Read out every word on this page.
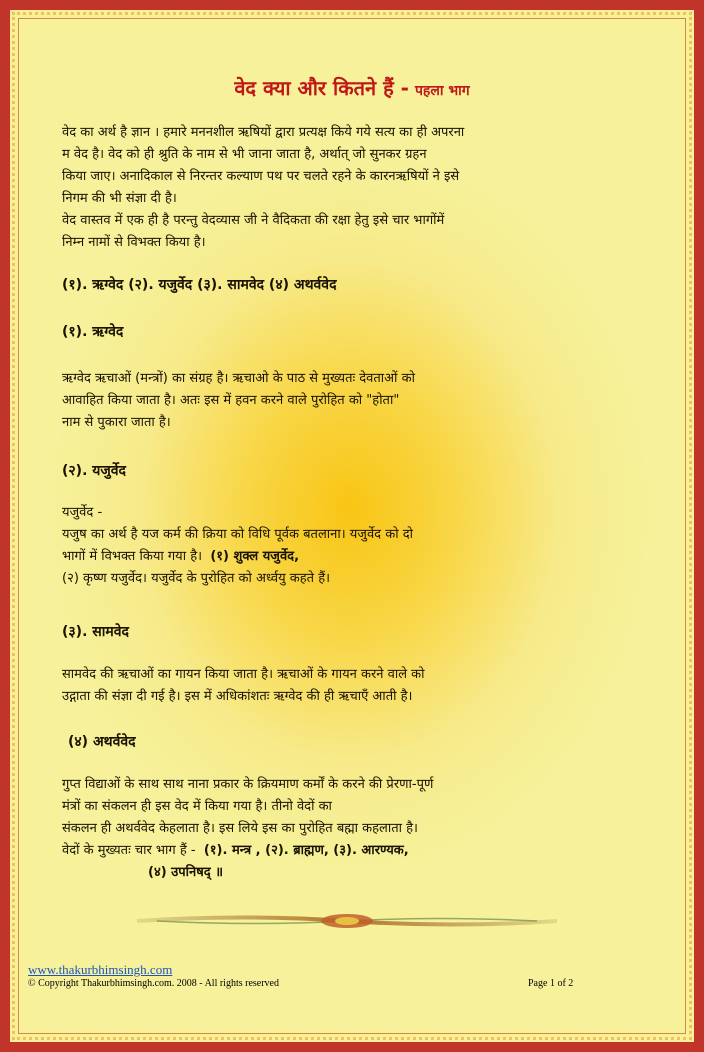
वेद क्या और कितने हैं - पहला भाग
वेद का अर्थ है ज्ञान । हमारे मननशील ऋषियों द्वारा प्रत्यक्ष किये गये सत्य का ही अपरना
म वेद है। वेद को ही श्रुति के नाम से भी जाना जाता है, अर्थात् जो सुनकर ग्रहन
किया जाए। अनादिकाल से निरन्तर कल्याण पथ पर चलते रहने के कारनऋषियों ने इसे
निगम की भी संज्ञा दी है।
वेद वास्तव में एक ही है परन्तु वेदव्यास जी ने वैदिकता की रक्षा हेतु इसे चार भागोंमें
निम्न नामों से विभक्त किया है।
(१). ऋग्वेद (२). यजुर्वेद (३). सामवेद (४) अथर्ववेद
(१). ऋग्वेद
ऋग्वेद ऋचाओं (मन्त्रों) का संग्रह है। ऋचाओ के पाठ से मुख्यतः देवताओं को
आवाहित किया जाता है। अतः इस में हवन करने वाले पुरोहित को "होता"
नाम से पुकारा जाता है।
(२). यजुर्वेद
यजुर्वेद -
यजुष का अर्थ है यज कर्म की क्रिया को विधि पूर्वक बतलाना। यजुर्वेद को दो
भागों में विभक्त किया गया है। (१) शुक्ल यजुर्वेद,
(२) कृष्ण यजुर्वेद। यजुर्वेद के पुरोहित को अर्ध्वयु कहते हैं।
(३). सामवेद
सामवेद की ऋचाओं का गायन किया जाता है। ऋचाओं के गायन करने वाले को
उद्गाता की संज्ञा दी गई है। इस में अधिकांशतः ऋग्वेद की ही ऋचाएँ आती है।
(४) अथर्ववेद
गुप्त विद्याओं के साथ साथ नाना प्रकार के क्रियमाण कर्मों के करने की प्रेरणा-पूर्ण
मंत्रों का संकलन ही इस वेद में किया गया है। तीनो वेदों का
संकलन ही अथर्ववेद केहलाता है। इस लिये इस का पुरोहित बह्मा कहलाता है।
वेदों के मुख्यतः चार भाग हैं - (१). मन्त्र , (२). ब्राह्मण, (३). आरण्यक,
(४) उपनिषद् ॥
www.thakurbhimsingh.com
© Copyright Thakurbhimsingh.com. 2008 - All rights reserved	Page 1 of 2
